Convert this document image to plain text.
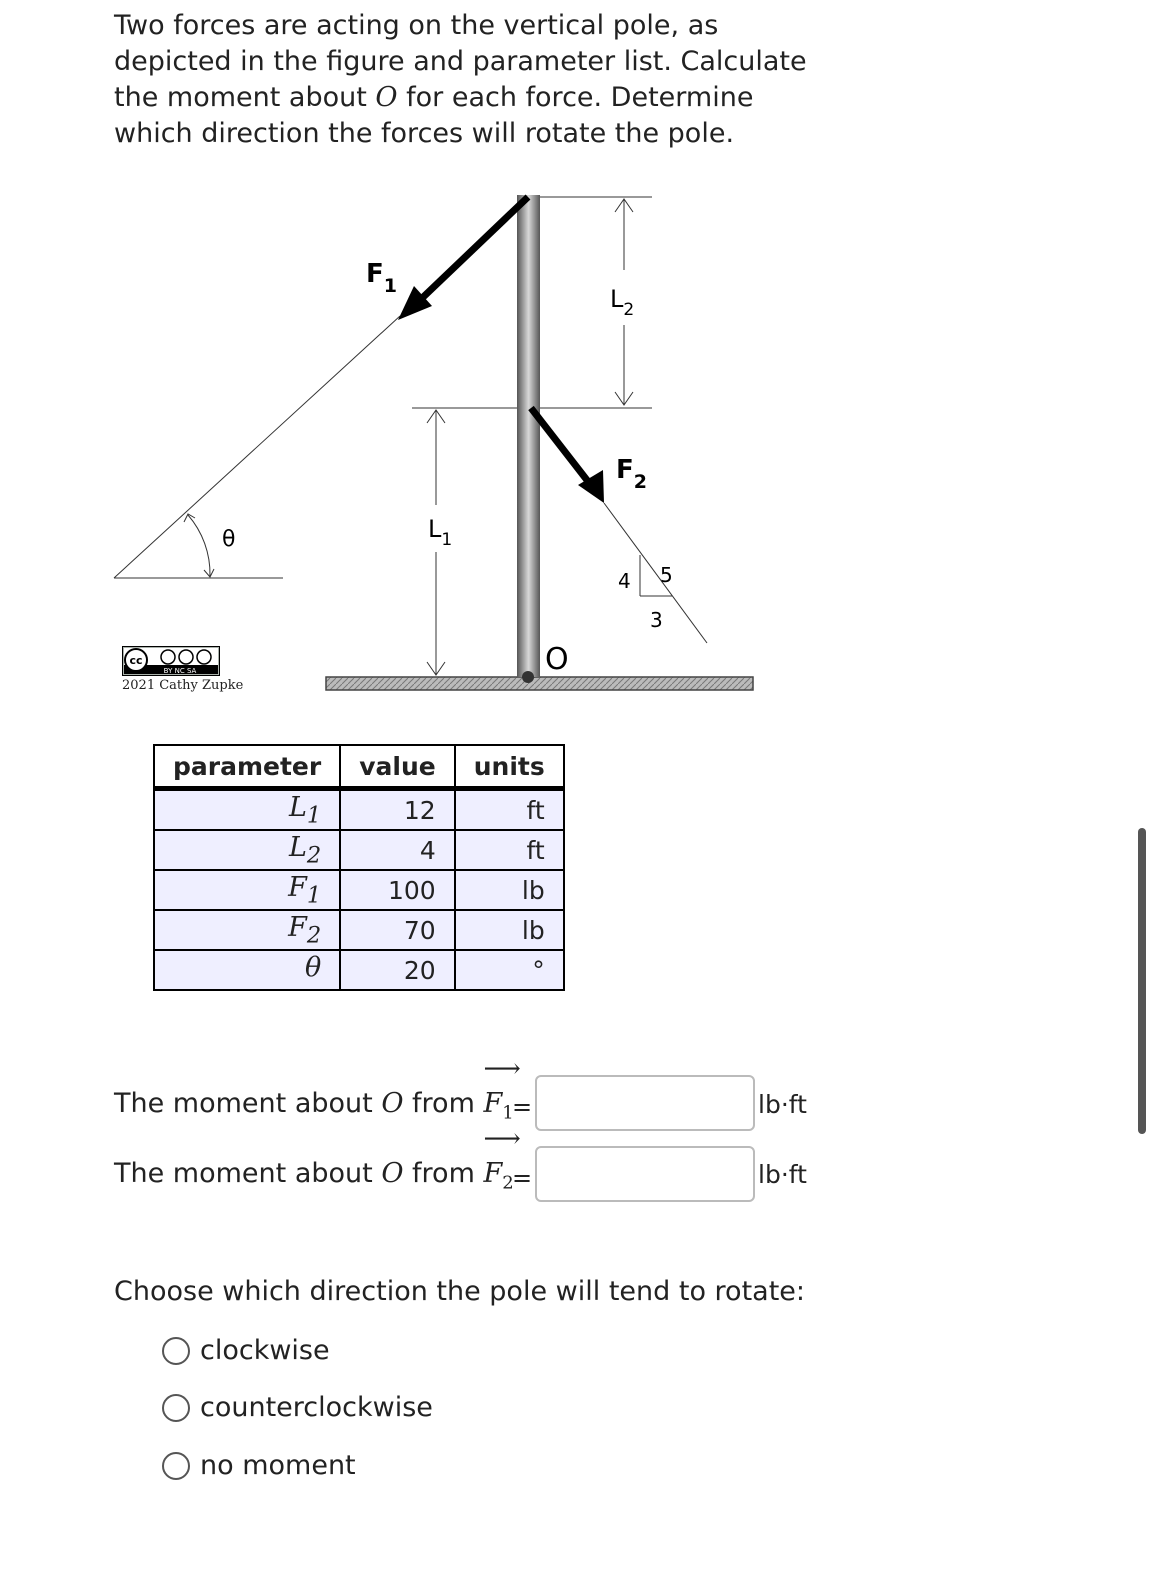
Two forces are acting on the vertical pole, as depicted in the figure and parameter list. Calculate the moment about O for each force. Determine which direction the forces will rotate the pole.

$F_1$
$F_2$
$L_2$
$L_1$
θ
O
4
3
5
cc
BY NC SA
2021 Cathy Zupke
parameter	value	units
$L_1$	12	ft
$L_2$	4	ft
$F_1$	100	lb
$F_2$	70	lb
θ	20	°
The moment about O from
⟶
$F_1$
=	lb·ft
The moment about O from
⟶
$F_2$
=	lb·ft
Choose which direction the pole will tend to rotate:
clockwise
counterclockwise
no moment
